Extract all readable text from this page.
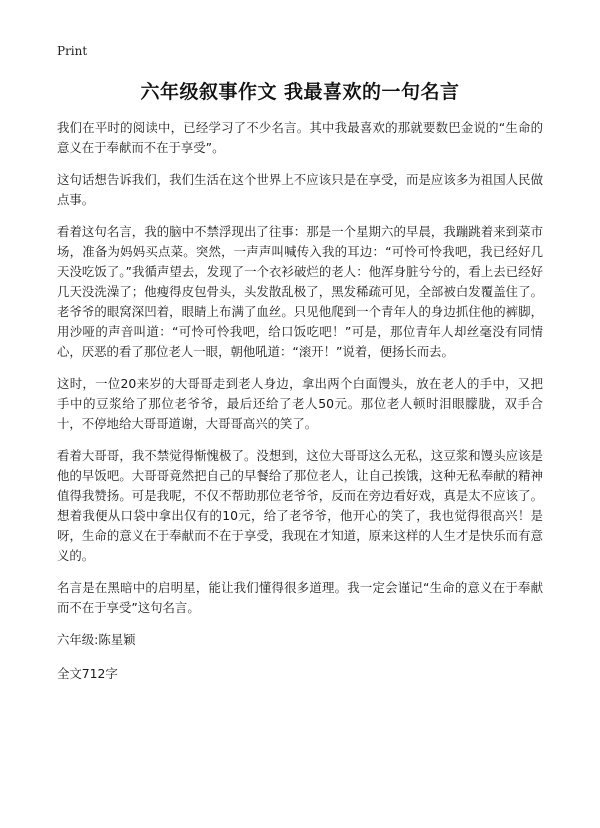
Print
六年级叙事作文 我最喜欢的一句名言

我们在平时的阅读中，已经学习了不少名言。其中我最喜欢的那就要数巴金说的“生命的意义在于奉献而不在于享受”。

这句话想告诉我们，我们生活在这个世界上不应该只是在享受，而是应该多为祖国人民做点事。

看着这句名言，我的脑中不禁浮现出了往事：那是一个星期六的早晨，我蹦跳着来到菜市场，准备为妈妈买点菜。突然，一声声叫喊传入我的耳边：“可怜可怜我吧，我已经好几天没吃饭了。”我循声望去，发现了一个衣衫破烂的老人：他浑身脏兮兮的，看上去已经好几天没洗澡了；他瘦得皮包骨头，头发散乱极了，黑发稀疏可见，全部被白发覆盖住了。老爷爷的眼窝深凹着，眼睛上布满了血丝。只见他爬到一个青年人的身边抓住他的裤脚，用沙哑的声音叫道：“可怜可怜我吧，给口饭吃吧！”可是，那位青年人却丝毫没有同情心，厌恶的看了那位老人一眼，朝他吼道：“滚开！”说着，便扬长而去。

这时，一位20来岁的大哥哥走到老人身边，拿出两个白面馒头，放在老人的手中，又把手中的豆浆给了那位老爷爷，最后还给了老人50元。那位老人顿时泪眼朦胧，双手合十，不停地给大哥哥道谢，大哥哥高兴的笑了。

看着大哥哥，我不禁觉得惭愧极了。没想到，这位大哥哥这么无私，这豆浆和馒头应该是他的早饭吧。大哥哥竟然把自己的早餐给了那位老人，让自己挨饿，这种无私奉献的精神值得我赞扬。可是我呢，不仅不帮助那位老爷爷，反而在旁边看好戏，真是太不应该了。想着我便从口袋中拿出仅有的10元，给了老爷爷，他开心的笑了，我也觉得很高兴！是呀，生命的意义在于奉献而不在于享受，我现在才知道，原来这样的人生才是快乐而有意义的。

名言是在黑暗中的启明星，能让我们懂得很多道理。我一定会谨记“生命的意义在于奉献而不在于享受”这句名言。

六年级:陈星颖

全文712字
